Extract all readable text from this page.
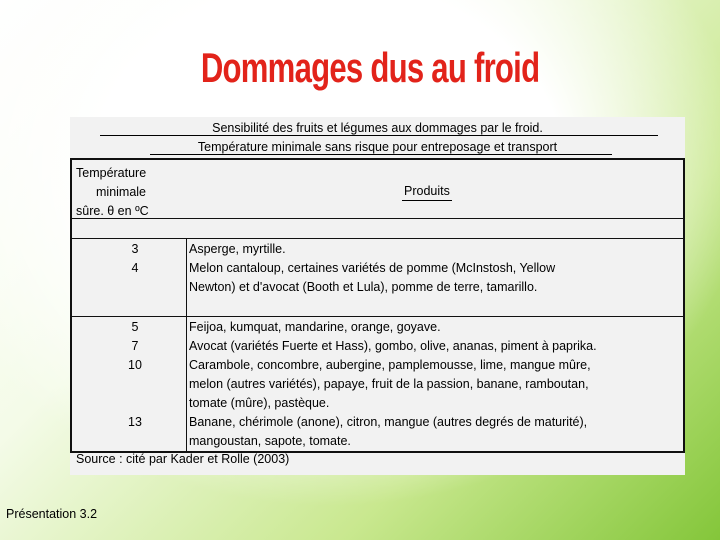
Dommages dus au froid
Sensibilité des fruits et légumes aux dommages par le froid.
Température minimale sans risque pour entreposage et transport
Température
minimale
sûre. θ en ºC
Produits
3
4
Asperge, myrtille.
Melon cantaloup, certaines variétés de pomme (McInstosh, Yellow
Newton) et d'avocat (Booth et Lula), pomme de terre, tamarillo.
5
7
10
13
Feijoa, kumquat, mandarine, orange, goyave.
Avocat (variétés Fuerte et Hass), gombo, olive, ananas, piment à paprika.
Carambole, concombre, aubergine, pamplemousse, lime, mangue mûre,
melon (autres variétés), papaye, fruit de la passion, banane, ramboutan,
tomate (mûre), pastèque.
Banane, chérimole (anone), citron, mangue (autres degrés de maturité),
mangoustan, sapote, tomate.
Source : cité par Kader et Rolle (2003)
Présentation 3.2
